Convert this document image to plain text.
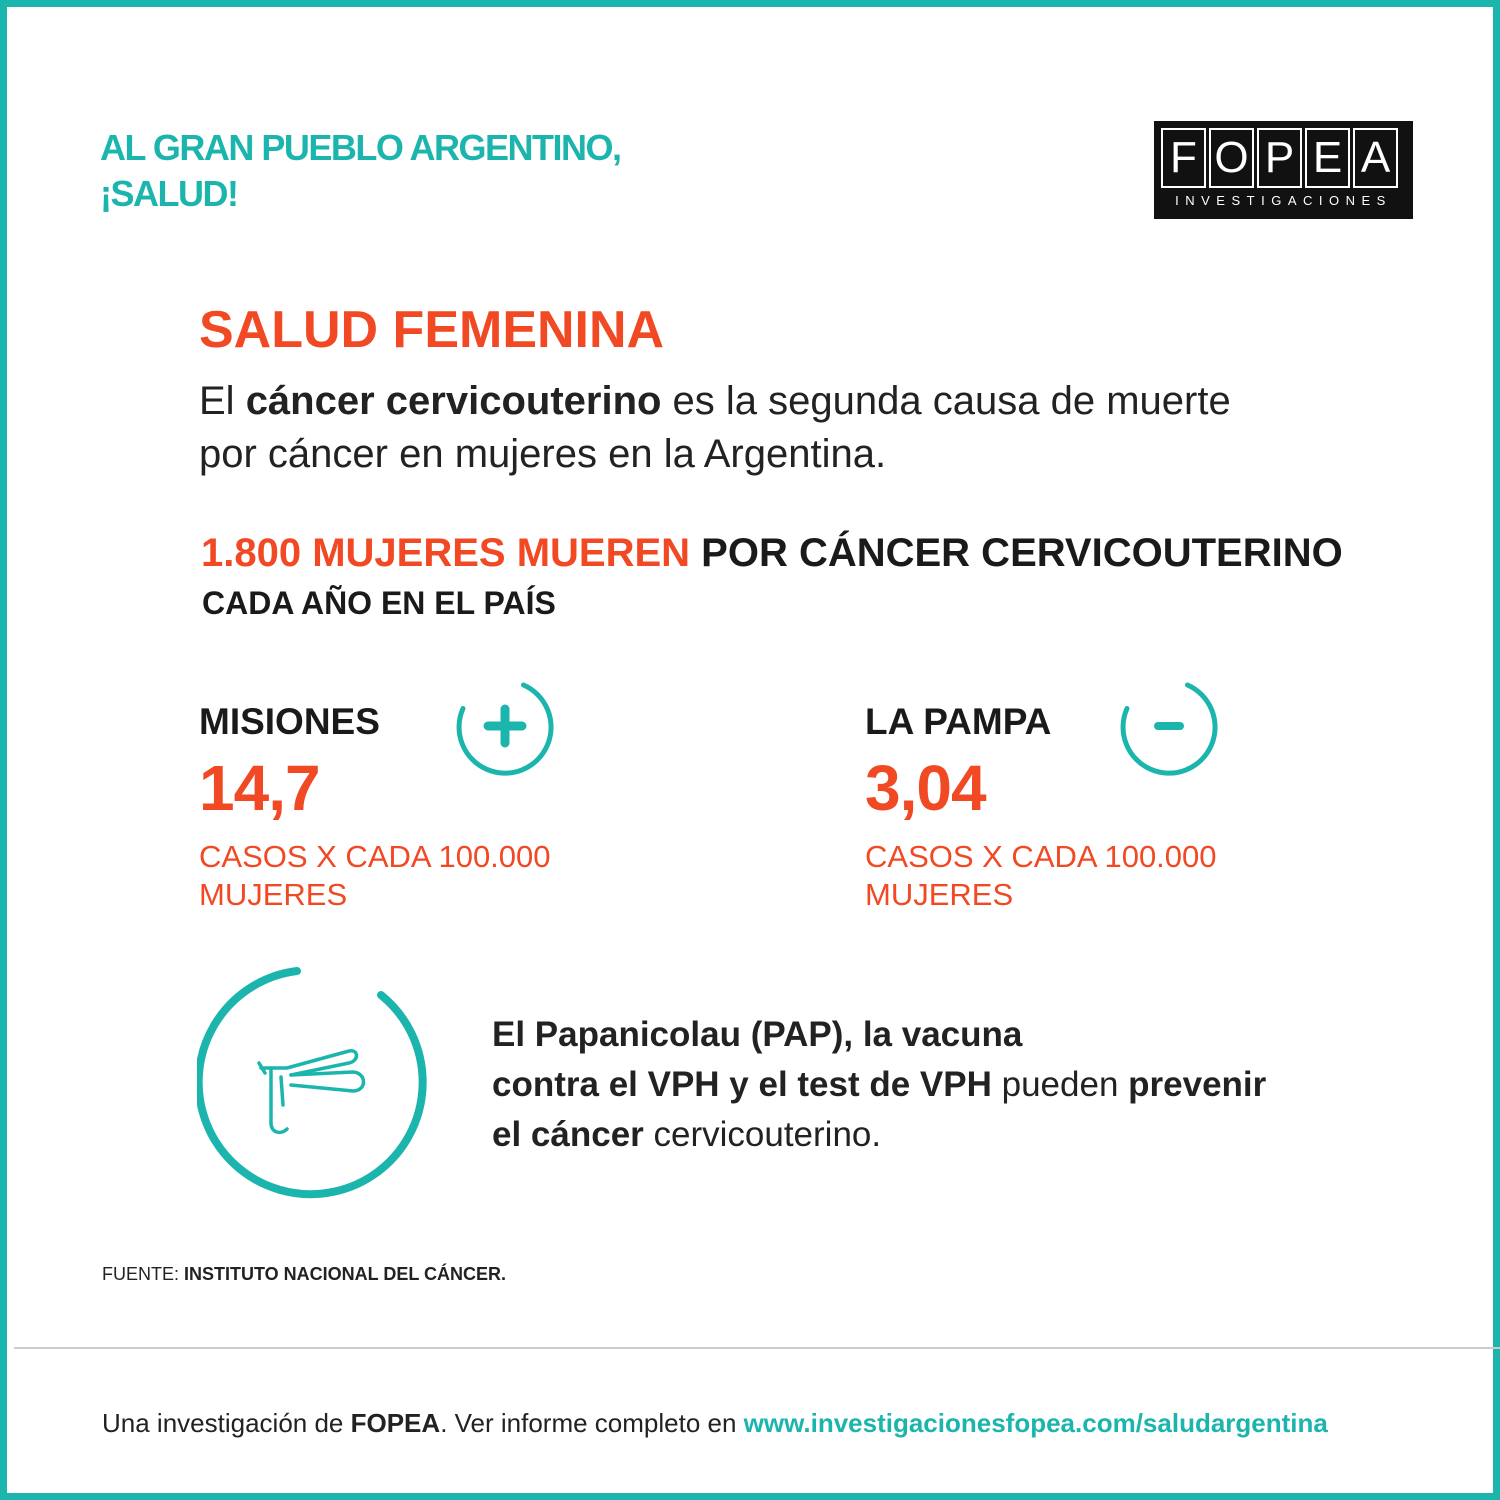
AL GRAN PUEBLO ARGENTINO,
¡SALUD!
F O P E A
INVESTIGACIONES
SALUD FEMENINA
El cáncer cervicouterino es la segunda causa de muerte
por cáncer en mujeres en la Argentina.
1.800 MUJERES MUEREN POR CÁNCER CERVICOUTERINO
CADA AÑO EN EL PAÍS
MISIONES
14,7
CASOS X CADA 100.000
MUJERES
LA PAMPA
3,04
CASOS X CADA 100.000
MUJERES
El Papanicolau (PAP), la vacuna
contra el VPH y el test de VPH pueden prevenir
el cáncer cervicouterino.
FUENTE: INSTITUTO NACIONAL DEL CÁNCER.
Una investigación de FOPEA. Ver informe completo en www.investigacionesfopea.com/saludargentina
